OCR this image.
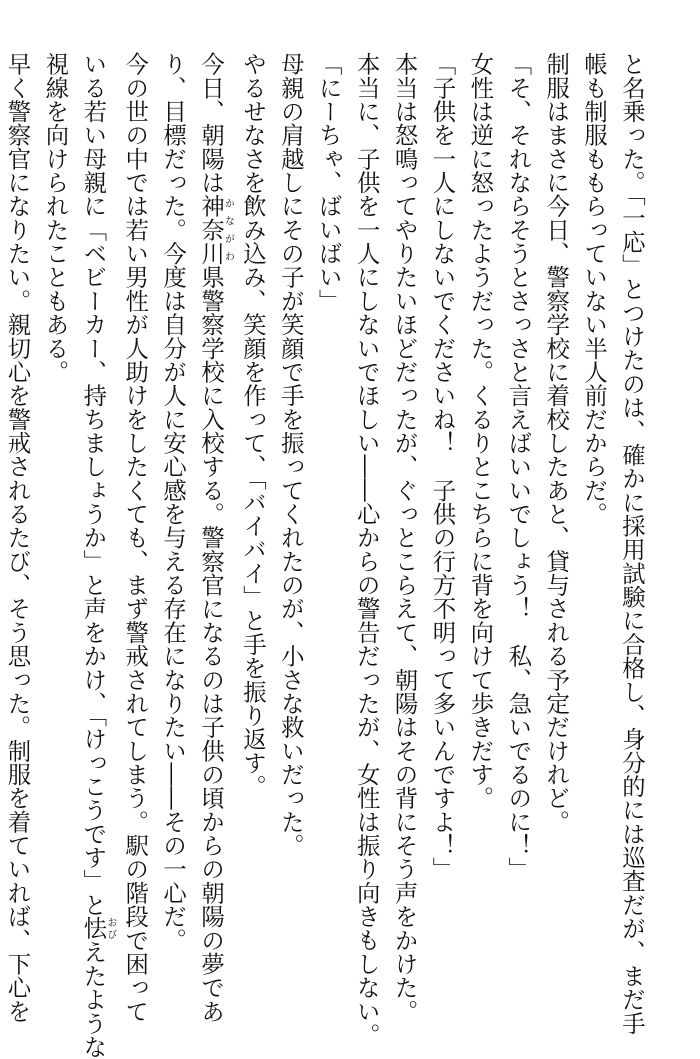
と名乗った。「一応」とつけたのは、確かに採用試験に合格し、身分的には巡査だが、まだ手

帳も制服ももらっていない半人前だからだ。

制服はまさに今日、警察学校に着校したあと、貸与される予定だけれど。

「そ、それならそうとさっさと言えばいいでしょう！　私、急いでるのに！」

女性は逆に怒ったようだった。くるりとこちらに背を向けて歩きだす。

「子供を一人にしないでくださいね！　子供の行方不明って多いんですよ！」

本当は怒鳴ってやりたいほどだったが、ぐっとこらえて、朝陽はその背にそう声をかけた。

本当に、子供を一人にしないでほしい――心からの警告だったが、女性は振り向きもしない。

「にーちゃ、ばいばい」

母親の肩越しにその子が笑顔で手を振ってくれたのが、小さな救いだった。

やるせなさを飲み込み、笑顔を作って、「バイバイ」と手を振り返す。

今日、朝陽は神奈川かながわ県警察学校に入校する。警察官になるのは子供の頃からの朝陽の夢であ

り、目標だった。今度は自分が人に安心感を与える存在になりたい――その一心だ。

今の世の中では若い男性が人助けをしたくても、まず警戒されてしまう。駅の階段で困って

いる若い母親に「ベビーカー、持ちましょうか」と声をかけ、「けっこうです」と怯おびえたような

視線を向けられたこともある。

早く警察官になりたい。親切心を警戒されるたび、そう思った。制服を着ていれば、下心を
